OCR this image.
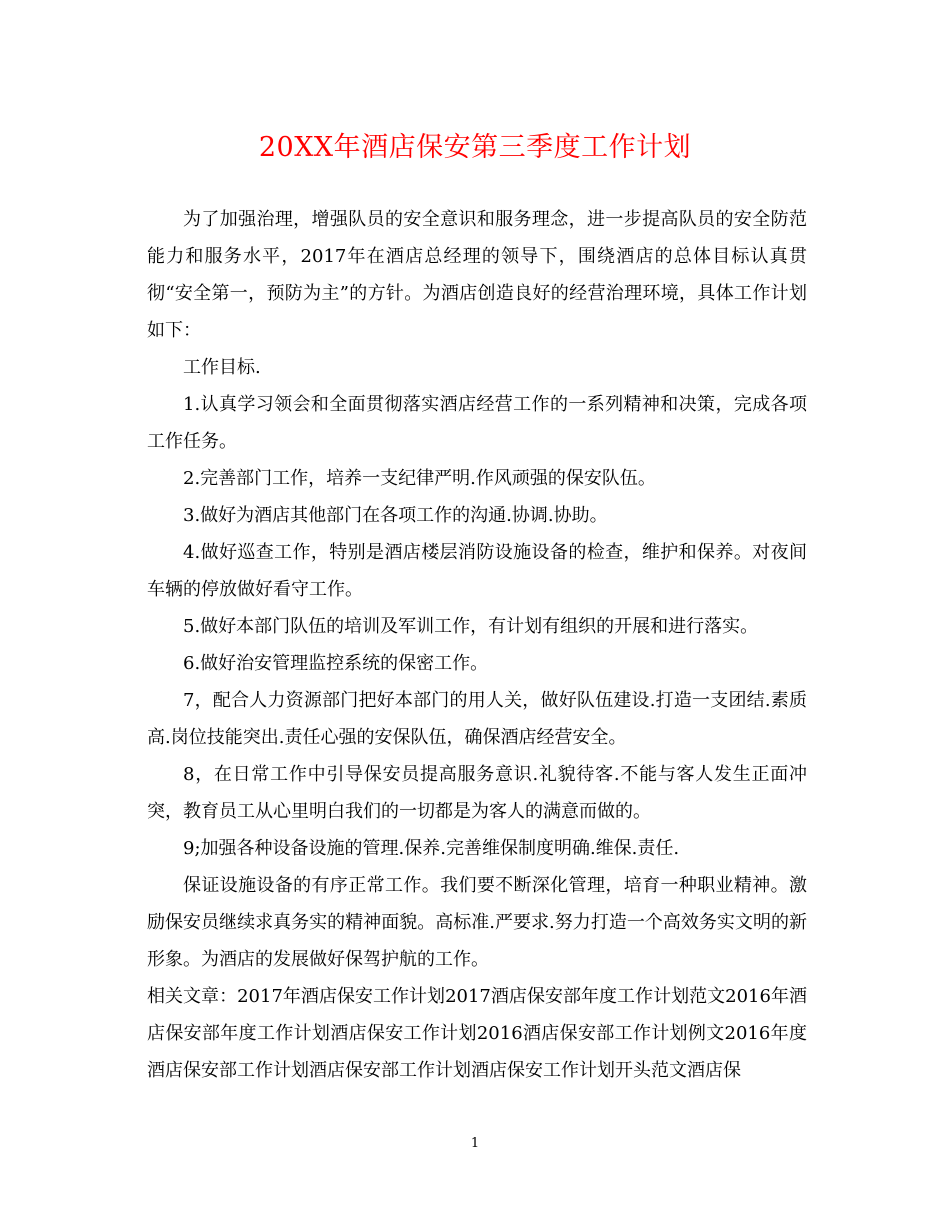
20XX年酒店保安第三季度工作计划

为了加强治理，增强队员的安全意识和服务理念，进一步提高队员的安全防范能力和服务水平，2017年在酒店总经理的领导下，围绕酒店的总体目标认真贯彻“安全第一，预防为主”的方针。为酒店创造良好的经营治理环境，具体工作计划如下：

工作目标.

1.认真学习领会和全面贯彻落实酒店经营工作的一系列精神和决策，完成各项工作任务。

2.完善部门工作，培养一支纪律严明.作风顽强的保安队伍。

3.做好为酒店其他部门在各项工作的沟通.协调.协助。

4.做好巡查工作，特别是酒店楼层消防设施设备的检查，维护和保养。对夜间车辆的停放做好看守工作。

5.做好本部门队伍的培训及军训工作，有计划有组织的开展和进行落实。

6.做好治安管理监控系统的保密工作。

7，配合人力资源部门把好本部门的用人关，做好队伍建设.打造一支团结.素质高.岗位技能突出.责任心强的安保队伍，确保酒店经营安全。

8，在日常工作中引导保安员提高服务意识.礼貌待客.不能与客人发生正面冲突，教育员工从心里明白我们的一切都是为客人的满意而做的。

9;加强各种设备设施的管理.保养.完善维保制度明确.维保.责任.

保证设施设备的有序正常工作。我们要不断深化管理，培育一种职业精神。激励保安员继续求真务实的精神面貌。高标准.严要求.努力打造一个高效务实文明的新形象。为酒店的发展做好保驾护航的工作。

相关文章：2017年酒店保安工作计划2017酒店保安部年度工作计划范文2016年酒店保安部年度工作计划酒店保安工作计划2016酒店保安部工作计划例文2016年度酒店保安部工作计划酒店保安部工作计划酒店保安工作计划开头范文酒店保

1
